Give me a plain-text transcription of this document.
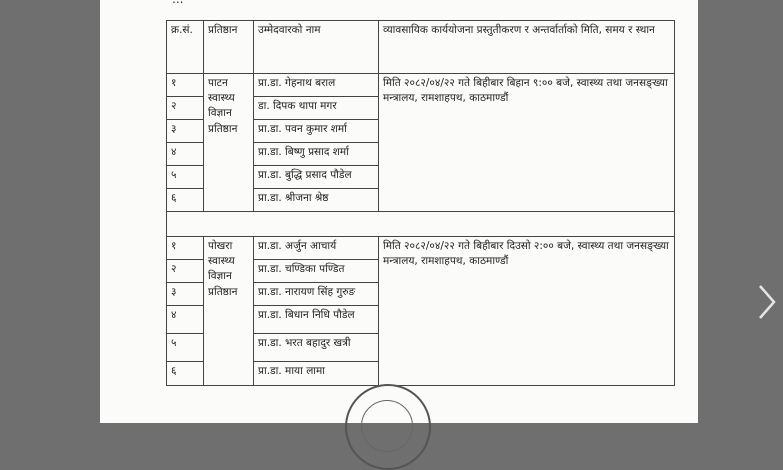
क्र.सं.	प्रतिष्ठान	उम्मेदवारको नाम	व्यावसायिक कार्ययोजना प्रस्तुतीकरण र अन्तर्वार्ताको मिति, समय र स्थान
१	पाटन स्वास्थ्य विज्ञान प्रतिष्ठान	प्रा.डा. गेहनाथ बराल	मिति २०८२/०४/२२ गते बिहीबार बिहान ९:०० बजे, स्वास्थ्य तथा जनसङ्ख्या मन्त्रालय, रामशाहपथ, काठमाण्डौं
२		डा. दिपक थापा मगर	
३		प्रा.डा. पवन कुमार शर्मा	
४		प्रा.डा. बिष्णु प्रसाद शर्मा	
५		प्रा.डा. बुद्धि प्रसाद पौडेल	
६		प्रा.डा. श्रीजना श्रेष्ठ	

१	पोखरा स्वास्थ्य विज्ञान प्रतिष्ठान	प्रा.डा. अर्जुन आचार्य	मिति २०८२/०४/२२ गते बिहीबार दिउसो २:०० बजे, स्वास्थ्य तथा जनसङ्ख्या मन्त्रालय, रामशाहपथ, काठमाण्डौं
२		प्रा.डा. चण्डिका पण्डित	
३		प्रा.डा. नारायण सिंह गुरुङ	
४		प्रा.डा. बिधान निधि पौडेल	
५		प्रा.डा. भरत बहादुर खत्री	
६		प्रा.डा. माया लामा	
